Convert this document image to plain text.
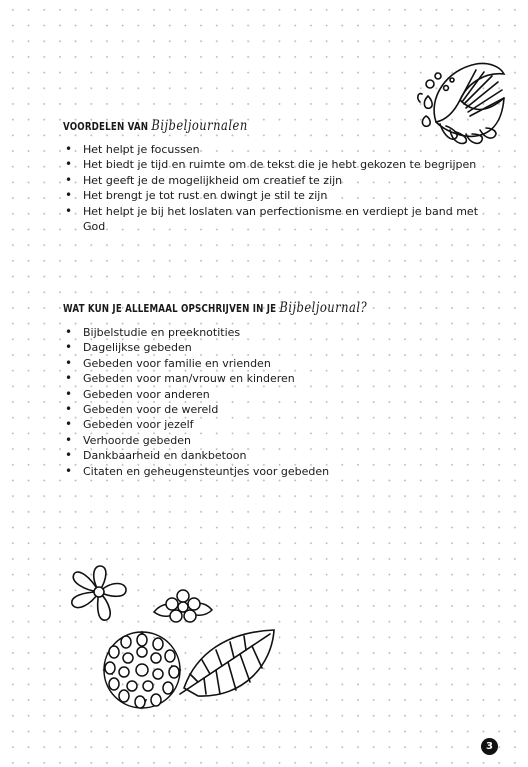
VOORDELEN VAN Bijbeljournalen
• Het helpt je focussen
• Het biedt je tijd en ruimte om de tekst die je hebt gekozen te begrijpen
• Het geeft je de mogelijkheid om creatief te zijn
• Het brengt je tot rust en dwingt je stil te zijn
• Het helpt je bij het loslaten van perfectionisme en verdiept je band met God
WAT KUN JE ALLEMAAL OPSCHRIJVEN IN JE Bijbeljournal?
• Bijbelstudie en preeknotities
• Dagelijkse gebeden
• Gebeden voor familie en vrienden
• Gebeden voor man/vrouw en kinderen
• Gebeden voor anderen
• Gebeden voor de wereld
• Gebeden voor jezelf
• Verhoorde gebeden
• Dankbaarheid en dankbetoon
• Citaten en geheugensteuntjes voor gebeden
3
